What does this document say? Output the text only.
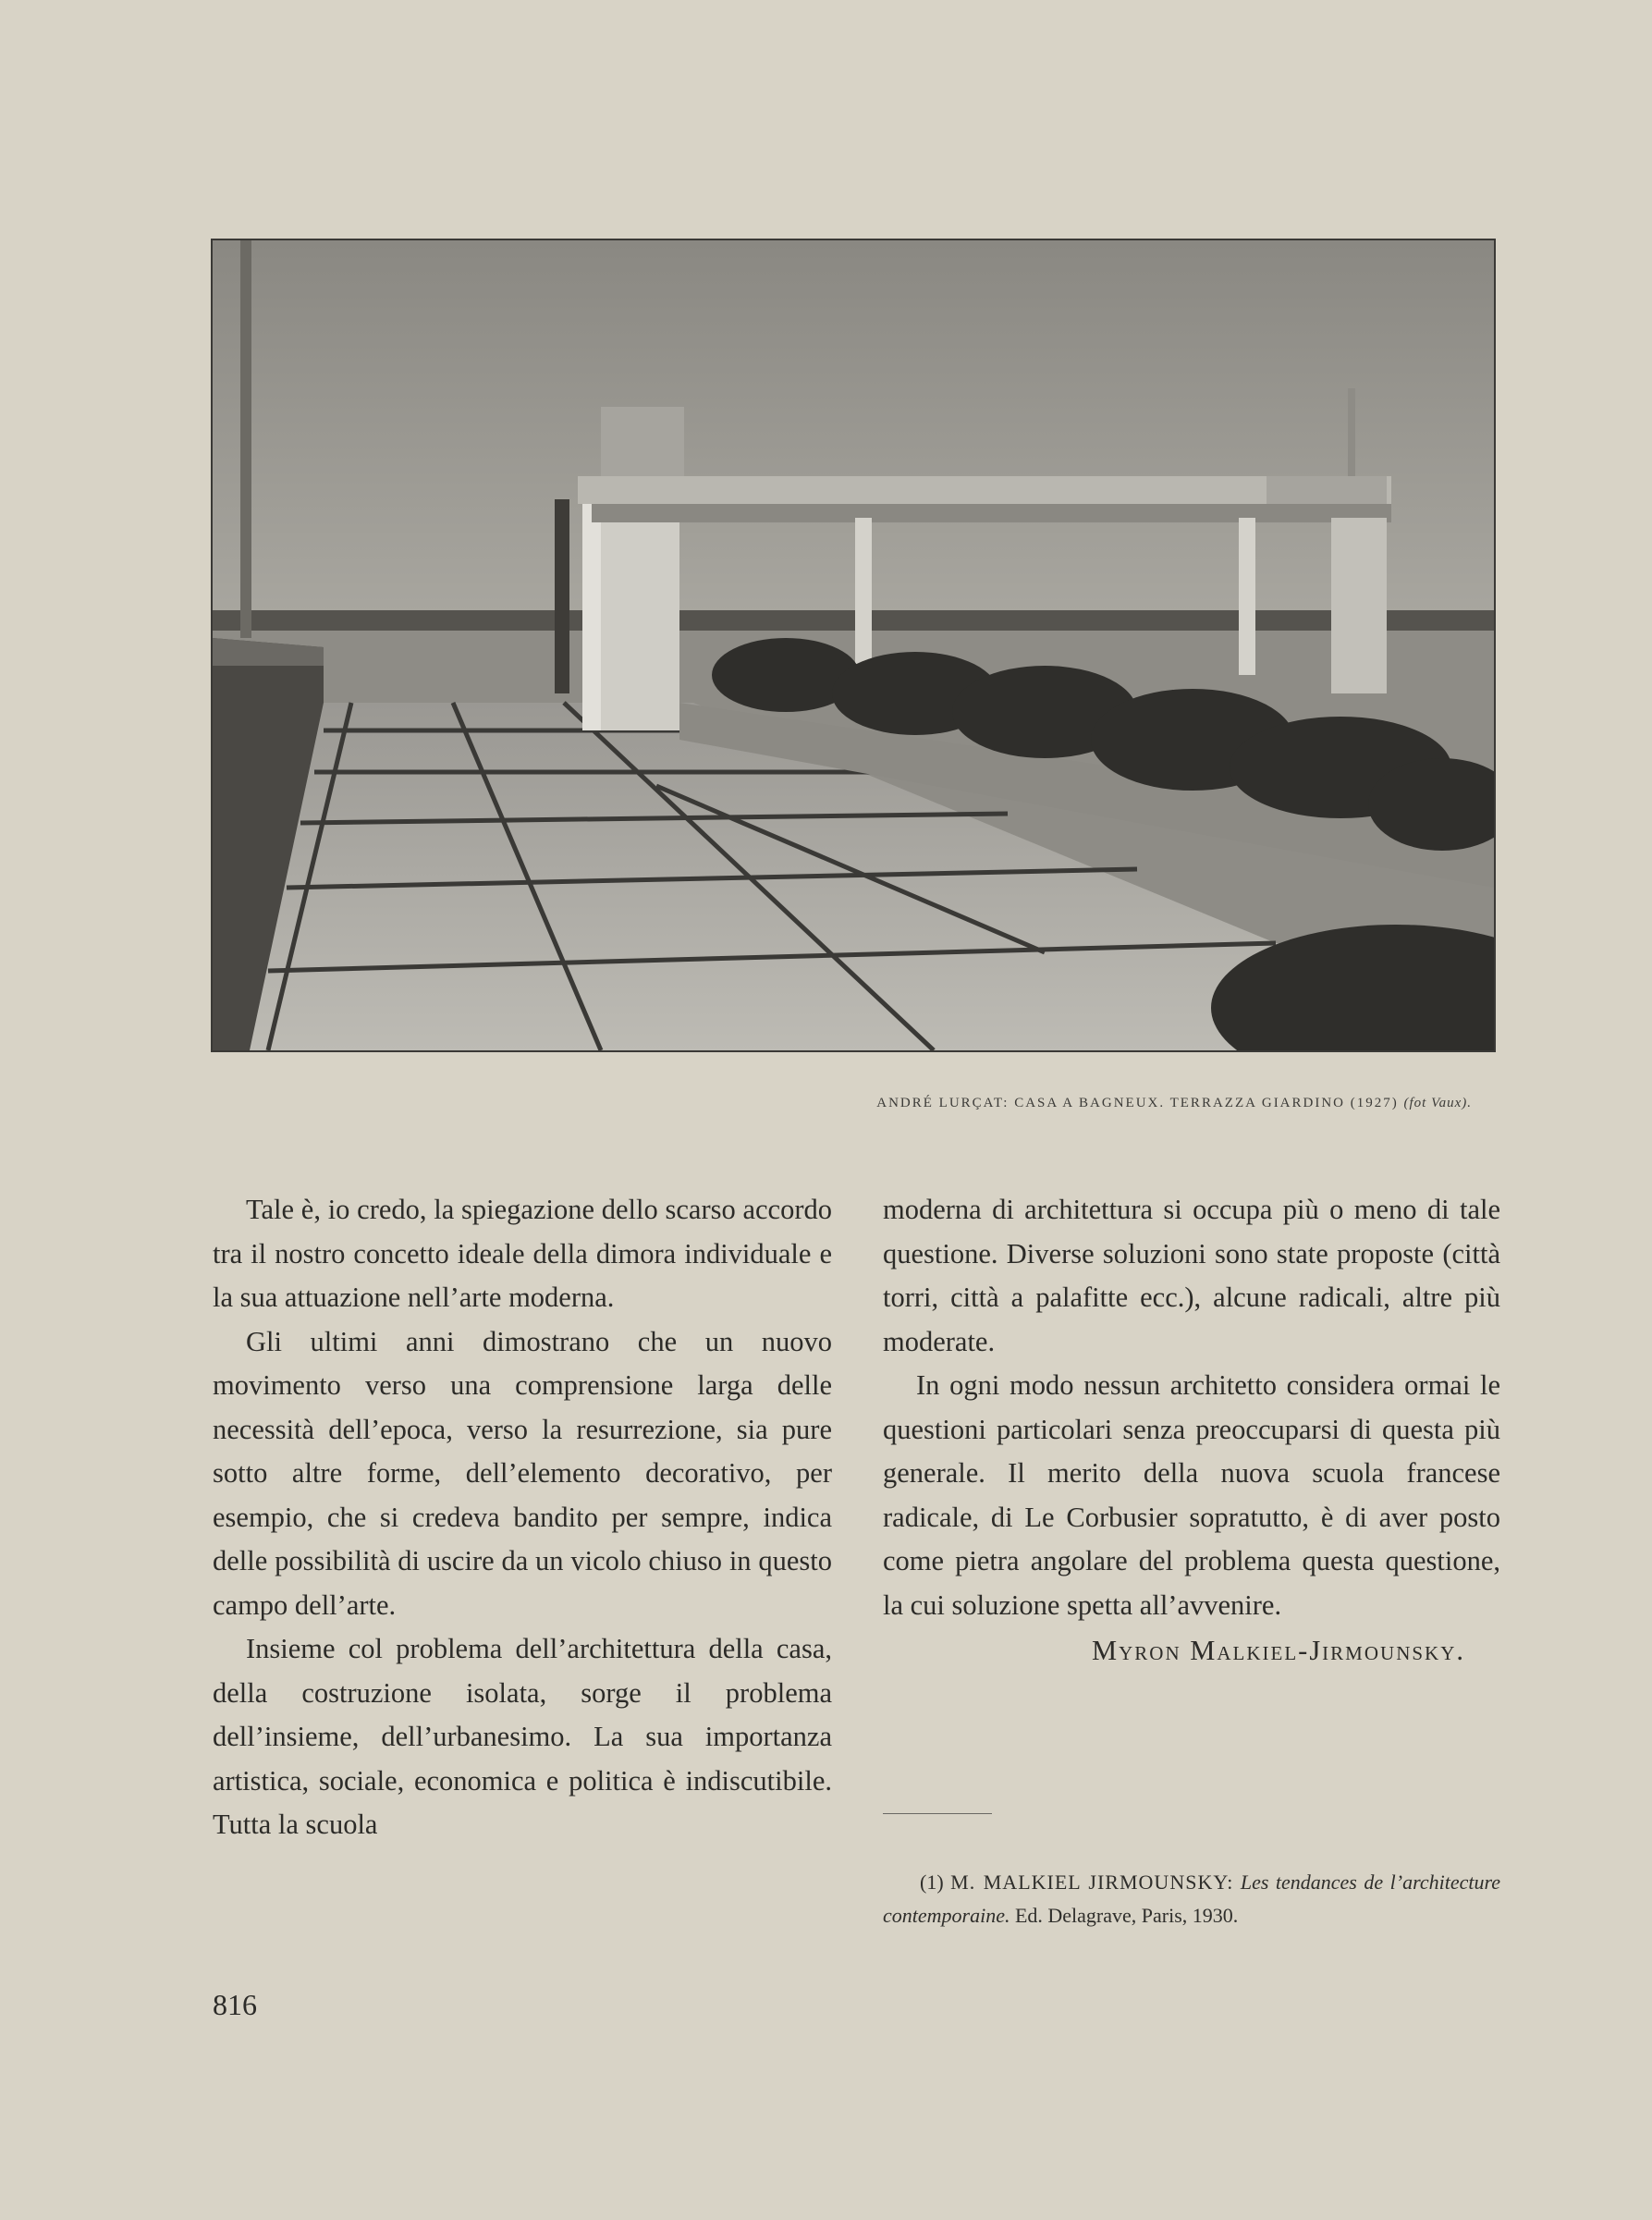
ANDRÉ LURÇAT: CASA A BAGNEUX. TERRAZZA GIARDINO (1927) (fot Vaux).

Tale è, io credo, la spiegazione dello scarso accordo tra il nostro concetto ideale della dimora individuale e la sua attuazione nell’arte moderna.

Gli ultimi anni dimostrano che un nuovo movimento verso una comprensione larga delle necessità dell’epoca, verso la resurrezione, sia pure sotto altre forme, dell’elemento decorativo, per esempio, che si credeva bandito per sempre, indica delle possibilità di uscire da un vicolo chiuso in questo campo dell’arte.

Insieme col problema dell’architettura della casa, della costruzione isolata, sorge il problema dell’insieme, dell’urbanesimo. La sua importanza artistica, sociale, economica e politica è indiscutibile. Tutta la scuola

moderna di architettura si occupa più o meno di tale questione. Diverse soluzioni sono state proposte (città torri, città a palafitte ecc.), alcune radicali, altre più moderate.

In ogni modo nessun architetto considera ormai le questioni particolari senza preoccuparsi di questa più generale. Il merito della nuova scuola francese radicale, di Le Corbusier sopratutto, è di aver posto come pietra angolare del problema questa questione, la cui soluzione spetta all’avvenire.

Myron Malkiel-Jirmounsky.
(1) M. MALKIEL JIRMOUNSKY: Les tendances de l’architecture contemporaine. Ed. Delagrave, Paris, 1930.
816
